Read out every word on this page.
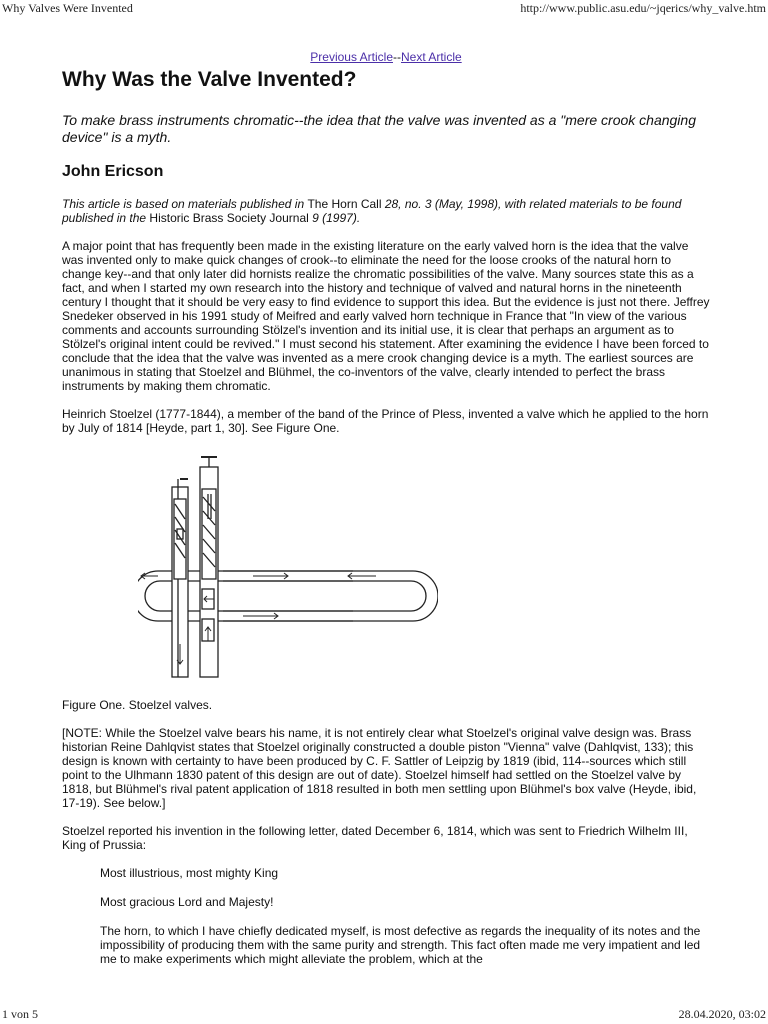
Why Valves Were Invented	http://www.public.asu.edu/~jqerics/why_valve.htm
Previous Article--Next Article
Why Was the Valve Invented?
To make brass instruments chromatic--the idea that the valve was invented as a "mere crook changing device" is a myth.
John Ericson

This article is based on materials published in The Horn Call 28, no. 3 (May, 1998), with related materials to be found published in the Historic Brass Society Journal 9 (1997).

A major point that has frequently been made in the existing literature on the early valved horn is the idea that the valve was invented only to make quick changes of crook--to eliminate the need for the loose crooks of the natural horn to change key--and that only later did hornists realize the chromatic possibilities of the valve. Many sources state this as a fact, and when I started my own research into the history and technique of valved and natural horns in the nineteenth century I thought that it should be very easy to find evidence to support this idea. But the evidence is just not there. Jeffrey Snedeker observed in his 1991 study of Meifred and early valved horn technique in France that "In view of the various comments and accounts surrounding Stölzel's invention and its initial use, it is clear that perhaps an argument as to Stölzel's original intent could be revived." I must second his statement. After examining the evidence I have been forced to conclude that the idea that the valve was invented as a mere crook changing device is a myth. The earliest sources are unanimous in stating that Stoelzel and Blühmel, the co-inventors of the valve, clearly intended to perfect the brass instruments by making them chromatic.

Heinrich Stoelzel (1777-1844), a member of the band of the Prince of Pless, invented a valve which he applied to the horn by July of 1814 [Heyde, part 1, 30]. See Figure One.

Figure One. Stoelzel valves.

[NOTE: While the Stoelzel valve bears his name, it is not entirely clear what Stoelzel's original valve design was. Brass historian Reine Dahlqvist states that Stoelzel originally constructed a double piston "Vienna" valve (Dahlqvist, 133); this design is known with certainty to have been produced by C. F. Sattler of Leipzig by 1819 (ibid, 114--sources which still point to the Ulhmann 1830 patent of this design are out of date). Stoelzel himself had settled on the Stoelzel valve by 1818, but Blühmel's rival patent application of 1818 resulted in both men settling upon Blühmel's box valve (Heyde, ibid, 17-19). See below.]

Stoelzel reported his invention in the following letter, dated December 6, 1814, which was sent to Friedrich Wilhelm III, King of Prussia:

Most illustrious, most mighty King

Most gracious Lord and Majesty!

The horn, to which I have chiefly dedicated myself, is most defective as regards the inequality of its notes and the impossibility of producing them with the same purity and strength. This fact often made me very impatient and led me to make experiments which might alleviate the problem, which at the

1 von 5	28.04.2020, 03:02
